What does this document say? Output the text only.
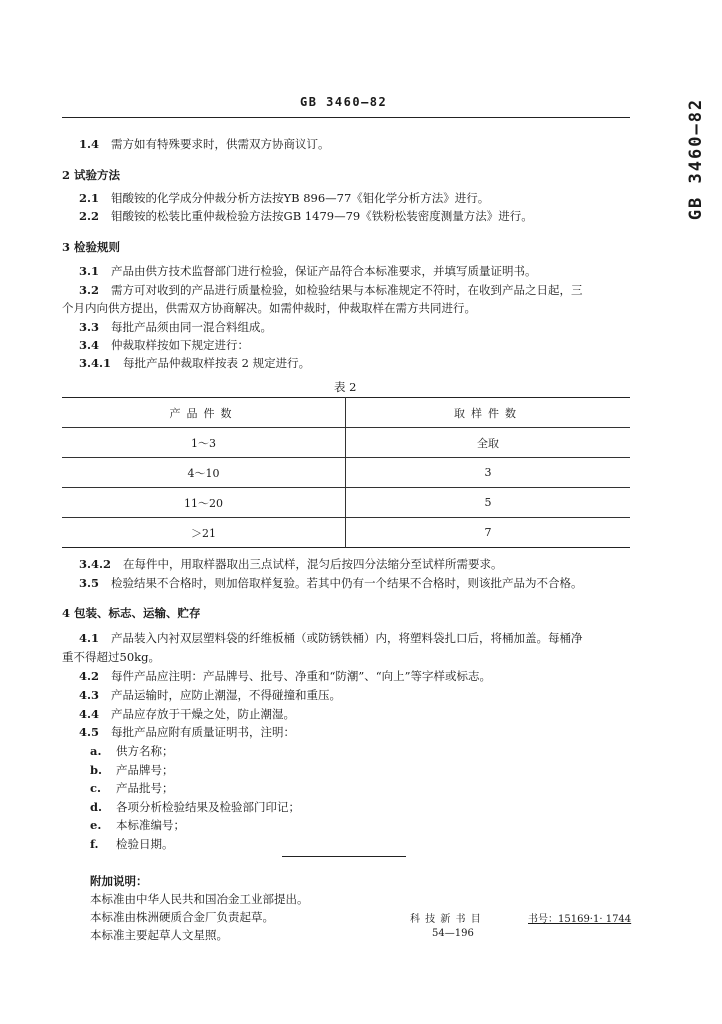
GB 3460—82	GB 3460—82
1.4 需方如有特殊要求时，供需双方协商议订。
2 试验方法
2.1 钼酸铵的化学成分仲裁分析方法按YB 896—77《钼化学分析方法》进行。
2.2 钼酸铵的松装比重仲裁检验方法按GB 1479—79《铁粉松装密度测量方法》进行。
3 检验规则
3.1 产品由供方技术监督部门进行检验，保证产品符合本标准要求，并填写质量证明书。
3.2 需方可对收到的产品进行质量检验，如检验结果与本标准规定不符时，在收到产品之日起，三
个月内向供方提出，供需双方协商解决。如需仲裁时，仲裁取样在需方共同进行。
3.3 每批产品须由同一混合料组成。
3.4 仲裁取样按如下规定进行：
3.4.1 每批产品仲裁取样按表 2 规定进行。
表 2
产品件数	取样件数
1～3	全取
4～10	3
11～20	5
＞21	7
3.4.2 在每件中，用取样器取出三点试样，混匀后按四分法缩分至试样所需要求。
3.5 检验结果不合格时，则加倍取样复验。若其中仍有一个结果不合格时，则该批产品为不合格。
4 包装、标志、运输、贮存
4.1 产品装入内衬双层塑料袋的纤维板桶（或防锈铁桶）内，将塑料袋扎口后，将桶加盖。每桶净
重不得超过50kg。
4.2 每件产品应注明：产品牌号、批号、净重和“防潮”、“向上”等字样或标志。
4.3 产品运输时，应防止潮湿，不得碰撞和重压。
4.4 产品应存放于干燥之处，防止潮湿。
4.5 每批产品应附有质量证明书，注明：
a. 供方名称；
b. 产品牌号；
c. 产品批号；
d. 各项分析检验结果及检验部门印记；
e. 本标准编号；
f. 检验日期。
附加说明：
本标准由中华人民共和国冶金工业部提出。
本标准由株洲硬质合金厂负责起草。
本标准主要起草人文星照。
科 技 新 书 目	书号：15169·1· 1744
54—196
